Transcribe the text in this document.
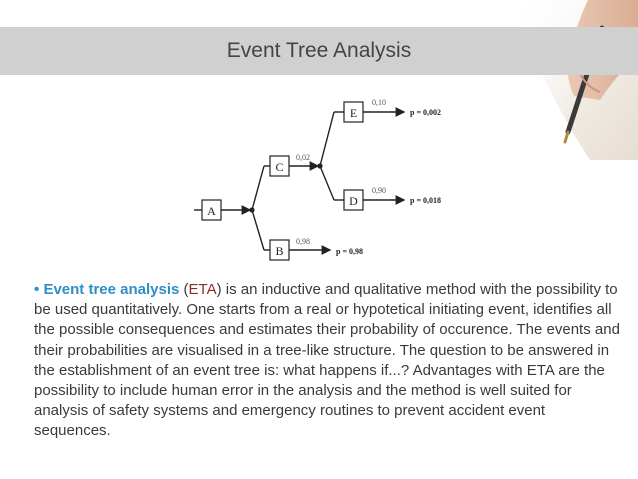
Event Tree Analysis
A
C
0,02
E
0,10
p = 0,002
D
0,90
p = 0,018
B
0,98
p = 0,98
• Event tree analysis (ETA) is an inductive and qualitative method with the possibility to be used quantitatively. One starts from a real or hypotetical initiating event, identifies all the possible consequences and estimates their probability of occurence. The events and their probabilities are visualised in a tree-like structure. The question to be answered in the establishment of an event tree is: what happens if...? Advantages with ETA are the possibility to include human error in the analysis and the method is well suited for analysis of safety systems and emergency routines to prevent accident event sequences.
